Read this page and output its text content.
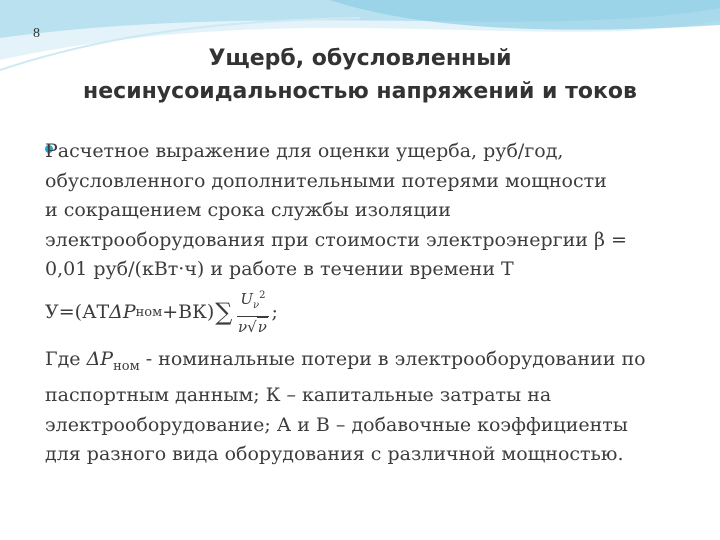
8
Ущерб, обусловленный
несинусоидальностью напряжений и токов
Расчетное выражение для оценки ущерба, руб/год,
обусловленного дополнительными потерями мощности
и сокращением срока службы изоляции
электрооборудования при стоимости электроэнергии β =
0,01 руб/(кВт·ч) и работе в течении времени Т
У=(АТ ΔР ном +ВК) ∑ $\frac{U_\nu^2}{\nu√\nu}$ ;
Где $\Delta P_{ном}$ - номинальные потери в электрооборудовании по
паспортным данным; К – капитальные затраты на
электрооборудование; А и В – добавочные коэффициенты
для разного вида оборудования с различной мощностью.
